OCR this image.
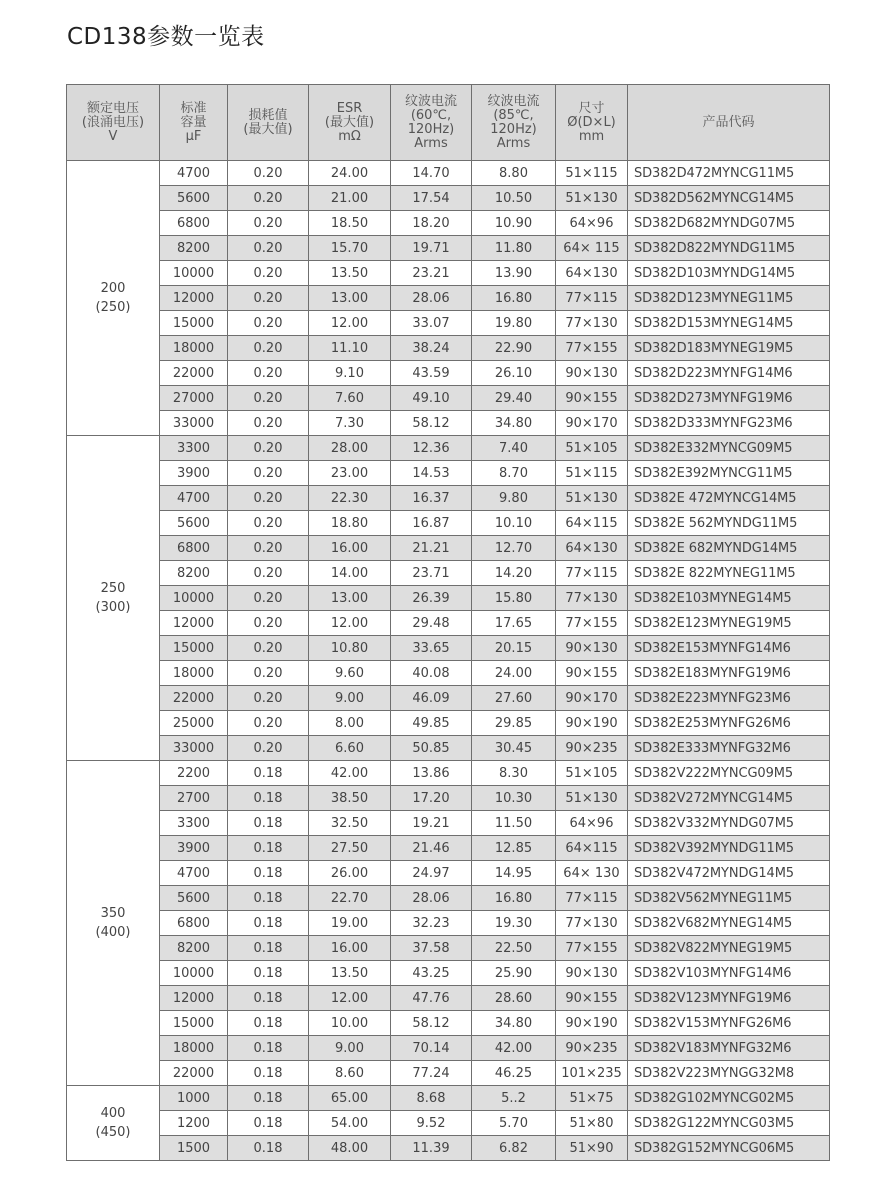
CD138参数一览表
额定电压
(浪涌电压)
V	标准
容量
μF	损耗值
(最大值)	ESR
(最大值)
mΩ	纹波电流
(60℃,
120Hz)
Arms	纹波电流
(85℃,
120Hz)
Arms	尺寸
Ø(D×L)
mm	产品代码

200
(250)	4700	0.20	24.00	14.70	8.80	51×115	SD382D472MYNCG11M5
	5600	0.20	21.00	17.54	10.50	51×130	SD382D562MYNCG14M5
	6800	0.20	18.50	18.20	10.90	64×96	SD382D682MYNDG07M5
	8200	0.20	15.70	19.71	11.80	64× 115	SD382D822MYNDG11M5
	10000	0.20	13.50	23.21	13.90	64×130	SD382D103MYNDG14M5
	12000	0.20	13.00	28.06	16.80	77×115	SD382D123MYNEG11M5
	15000	0.20	12.00	33.07	19.80	77×130	SD382D153MYNEG14M5
	18000	0.20	11.10	38.24	22.90	77×155	SD382D183MYNEG19M5
	22000	0.20	9.10	43.59	26.10	90×130	SD382D223MYNFG14M6
	27000	0.20	7.60	49.10	29.40	90×155	SD382D273MYNFG19M6
	33000	0.20	7.30	58.12	34.80	90×170	SD382D333MYNFG23M6

250
(300)	3300	0.20	28.00	12.36	7.40	51×105	SD382E332MYNCG09M5
	3900	0.20	23.00	14.53	8.70	51×115	SD382E392MYNCG11M5
	4700	0.20	22.30	16.37	9.80	51×130	SD382E 472MYNCG14M5
	5600	0.20	18.80	16.87	10.10	64×115	SD382E 562MYNDG11M5
	6800	0.20	16.00	21.21	12.70	64×130	SD382E 682MYNDG14M5
	8200	0.20	14.00	23.71	14.20	77×115	SD382E 822MYNEG11M5
	10000	0.20	13.00	26.39	15.80	77×130	SD382E103MYNEG14M5
	12000	0.20	12.00	29.48	17.65	77×155	SD382E123MYNEG19M5
	15000	0.20	10.80	33.65	20.15	90×130	SD382E153MYNFG14M6
	18000	0.20	9.60	40.08	24.00	90×155	SD382E183MYNFG19M6
	22000	0.20	9.00	46.09	27.60	90×170	SD382E223MYNFG23M6
	25000	0.20	8.00	49.85	29.85	90×190	SD382E253MYNFG26M6
	33000	0.20	6.60	50.85	30.45	90×235	SD382E333MYNFG32M6

350
(400)	2200	0.18	42.00	13.86	8.30	51×105	SD382V222MYNCG09M5
	2700	0.18	38.50	17.20	10.30	51×130	SD382V272MYNCG14M5
	3300	0.18	32.50	19.21	11.50	64×96	SD382V332MYNDG07M5
	3900	0.18	27.50	21.46	12.85	64×115	SD382V392MYNDG11M5
	4700	0.18	26.00	24.97	14.95	64× 130	SD382V472MYNDG14M5
	5600	0.18	22.70	28.06	16.80	77×115	SD382V562MYNEG11M5
	6800	0.18	19.00	32.23	19.30	77×130	SD382V682MYNEG14M5
	8200	0.18	16.00	37.58	22.50	77×155	SD382V822MYNEG19M5
	10000	0.18	13.50	43.25	25.90	90×130	SD382V103MYNFG14M6
	12000	0.18	12.00	47.76	28.60	90×155	SD382V123MYNFG19M6
	15000	0.18	10.00	58.12	34.80	90×190	SD382V153MYNFG26M6
	18000	0.18	9.00	70.14	42.00	90×235	SD382V183MYNFG32M6
	22000	0.18	8.60	77.24	46.25	101×235	SD382V223MYNGG32M8

400
(450)	1000	0.18	65.00	8.68	5..2	51×75	SD382G102MYNCG02M5
	1200	0.18	54.00	9.52	5.70	51×80	SD382G122MYNCG03M5
	1500	0.18	48.00	11.39	6.82	51×90	SD382G152MYNCG06M5
